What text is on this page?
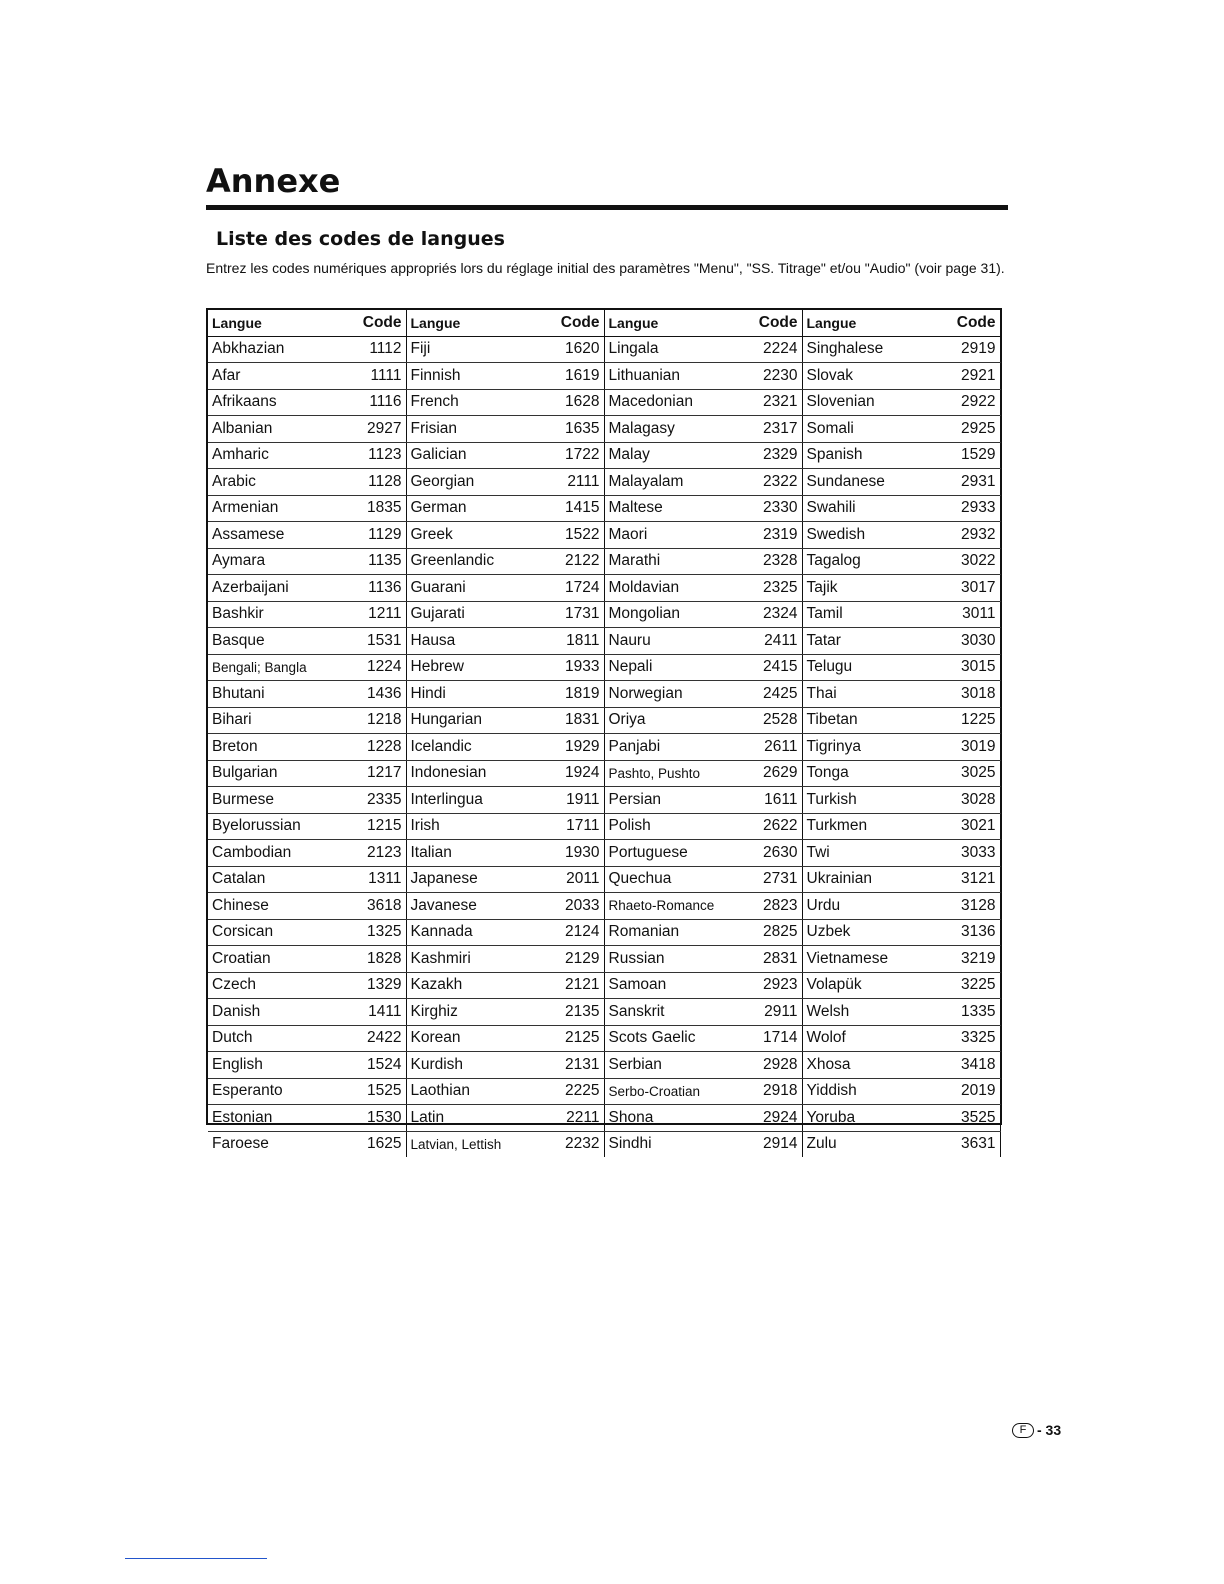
Annexe
Liste des codes de langues
Entrez les codes numériques appropriés lors du réglage initial des paramètres "Menu", "SS. Titrage" et/ou "Audio" (voir page 31).
Langue	Code	Langue	Code	Langue	Code	Langue	Code
Abkhazian	1112	Fiji	1620	Lingala	2224	Singhalese	2919
Afar	1111	Finnish	1619	Lithuanian	2230	Slovak	2921
Afrikaans	1116	French	1628	Macedonian	2321	Slovenian	2922
Albanian	2927	Frisian	1635	Malagasy	2317	Somali	2925
Amharic	1123	Galician	1722	Malay	2329	Spanish	1529
Arabic	1128	Georgian	2111	Malayalam	2322	Sundanese	2931
Armenian	1835	German	1415	Maltese	2330	Swahili	2933
Assamese	1129	Greek	1522	Maori	2319	Swedish	2932
Aymara	1135	Greenlandic	2122	Marathi	2328	Tagalog	3022
Azerbaijani	1136	Guarani	1724	Moldavian	2325	Tajik	3017
Bashkir	1211	Gujarati	1731	Mongolian	2324	Tamil	3011
Basque	1531	Hausa	1811	Nauru	2411	Tatar	3030
Bengali; Bangla	1224	Hebrew	1933	Nepali	2415	Telugu	3015
Bhutani	1436	Hindi	1819	Norwegian	2425	Thai	3018
Bihari	1218	Hungarian	1831	Oriya	2528	Tibetan	1225
Breton	1228	Icelandic	1929	Panjabi	2611	Tigrinya	3019
Bulgarian	1217	Indonesian	1924	Pashto, Pushto	2629	Tonga	3025
Burmese	2335	Interlingua	1911	Persian	1611	Turkish	3028
Byelorussian	1215	Irish	1711	Polish	2622	Turkmen	3021
Cambodian	2123	Italian	1930	Portuguese	2630	Twi	3033
Catalan	1311	Japanese	2011	Quechua	2731	Ukrainian	3121
Chinese	3618	Javanese	2033	Rhaeto-Romance	2823	Urdu	3128
Corsican	1325	Kannada	2124	Romanian	2825	Uzbek	3136
Croatian	1828	Kashmiri	2129	Russian	2831	Vietnamese	3219
Czech	1329	Kazakh	2121	Samoan	2923	Volapük	3225
Danish	1411	Kirghiz	2135	Sanskrit	2911	Welsh	1335
Dutch	2422	Korean	2125	Scots Gaelic	1714	Wolof	3325
English	1524	Kurdish	2131	Serbian	2928	Xhosa	3418
Esperanto	1525	Laothian	2225	Serbo-Croatian	2918	Yiddish	2019
Estonian	1530	Latin	2211	Shona	2924	Yoruba	3525
Faroese	1625	Latvian, Lettish	2232	Sindhi	2914	Zulu	3631
F - 33
